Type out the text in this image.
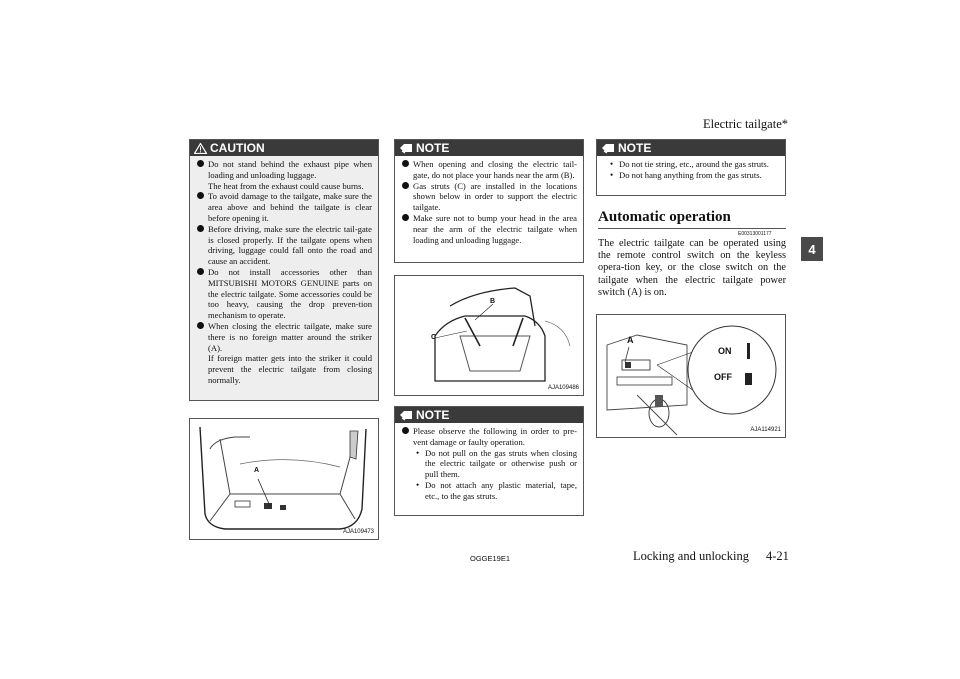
Electric tailgate*
4
CAUTION
Do not stand behind the exhaust pipe when loading and unloading luggage.
The heat from the exhaust could cause burns.
To avoid damage to the tailgate, make sure the area above and behind the tailgate is clear before opening it.
Before driving, make sure the electric tail-gate is closed properly. If the tailgate opens when driving, luggage could fall onto the road and cause an accident.
Do not install accessories other than MITSUBISHI MOTORS GENUINE parts on the electric tailgate. Some accessories could be too heavy, causing the drop preven-tion mechanism to operate.
When closing the electric tailgate, make sure there is no foreign matter around the striker (A).
If foreign matter gets into the striker it could prevent the electric tailgate from closing normally.
NOTE
When opening and closing the electric tail-gate, do not place your hands near the arm (B).
Gas struts (C) are installed in the locations shown below in order to support the electric tailgate.
Make sure not to bump your head in the area near the arm of the electric tailgate when loading and unloading luggage.
NOTE
Please observe the following in order to pre-vent damage or faulty operation.
• Do not pull on the gas struts when closing the electric tailgate or otherwise push or pull them.
• Do not attach any plastic material, tape, etc., to the gas struts.
NOTE
• Do not tie string, etc., around the gas struts.
• Do not hang anything from the gas struts.
A
AJA109473
B
C
AJA109486
A
ON
OFF
AJA114921
Automatic operation
E00313001177
The electric tailgate can be operated using the remote control switch on the keyless opera-tion key, or the close switch on the tailgate when the electric tailgate power switch (A) is on.
OGGE19E1	Locking and unlocking 4-21
